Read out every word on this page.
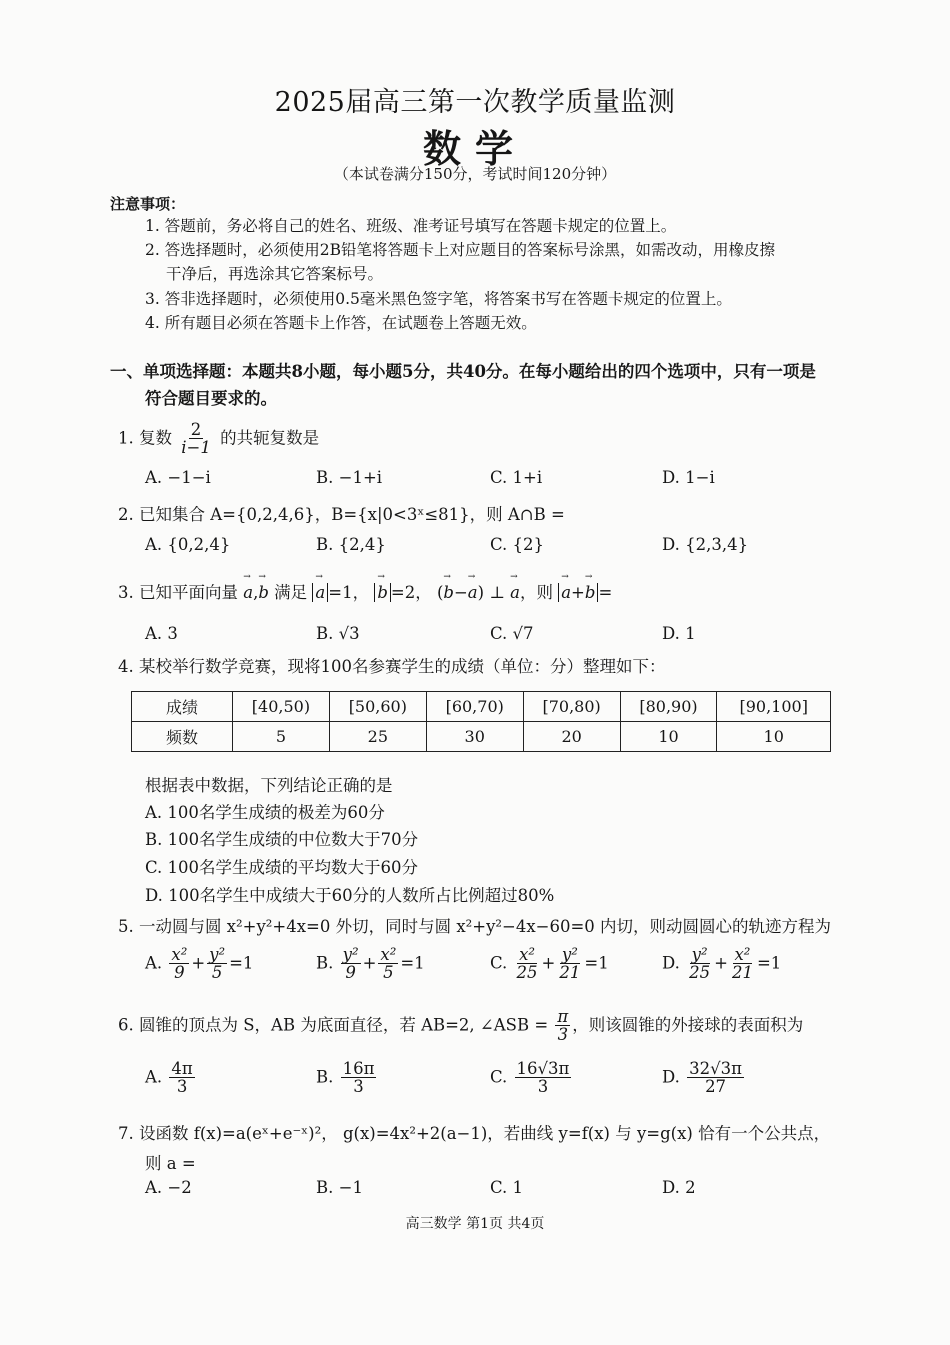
2025届高三第一次教学质量监测
数学
（本试卷满分150分，考试时间120分钟）
注意事项：
1. 答题前，务必将自己的姓名、班级、准考证号填写在答题卡规定的位置上。
2. 答选择题时，必须使用2B铅笔将答题卡上对应题目的答案标号涂黑，如需改动，用橡皮擦
干净后，再选涂其它答案标号。
3. 答非选择题时，必须使用0.5毫米黑色签字笔，将答案书写在答题卡规定的位置上。
4. 所有题目必须在答题卡上作答，在试题卷上答题无效。
一、单项选择题：本题共8小题，每小题5分，共40分。在每小题给出的四个选项中，只有一项是
符合题目要求的。
1. 复数 $\frac{2}{i-1}$ 的共轭复数是
A. −1−i	B. −1+i	C. 1+i	D. 1−i
2. 已知集合 A={0,2,4,6}，B={x|0<3ˣ≤81}，则 A∩B =
A. {0,2,4}	B. {2,4}	C. {2}	D. {2,3,4}
3. 已知平面向量 → a,→ b 满足 → a =1， → b =2， (→ b−→ a) ⊥ → a，则 → a+→ b =
A. 3	B. √3	C. √7	D. 1
4. 某校举行数学竞赛，现将100名参赛学生的成绩（单位：分）整理如下：
成绩	[40,50)	[50,60)	[60,70)	[70,80)	[80,90)	[90,100]
频数	5	25	30	20	10	10
根据表中数据，下列结论正确的是
A. 100名学生成绩的极差为60分
B. 100名学生成绩的中位数大于70分
C. 100名学生成绩的平均数大于60分
D. 100名学生中成绩大于60分的人数所占比例超过80%
5. 一动圆与圆 x²+y²+4x=0 外切，同时与圆 x²+y²−4x−60=0 内切，则动圆圆心的轨迹方程为
A. $\frac{\text{x²}}{9} + \frac{\text{y²}}{5} =1$	B. $\frac{\text{y²}}{9} + \frac{\text{x²}}{5} =1$	C. $\frac{\text{x²}}{25} + \frac{\text{y²}}{21} =1$	D. $\frac{\text{y²}}{25} + \frac{\text{x²}}{21} =1$
6. 圆锥的顶点为 S，AB 为底面直径，若 AB=2, ∠ASB = $\frac{\pi}{3}$ ，则该圆锥的外接球的表面积为
A. $\frac{4\pi}{3}$	B. $\frac{16\pi}{3}$	C. $\frac{16√3\pi}{3}$	D. $\frac{32√3\pi}{27}$
7. 设函数 f(x)=a(eˣ+e⁻ˣ)²， g(x)=4x²+2(a−1)，若曲线 y=f(x) 与 y=g(x) 恰有一个公共点，
则 a =
A. −2	B. −1	C. 1	D. 2
高三数学 第1页 共4页
